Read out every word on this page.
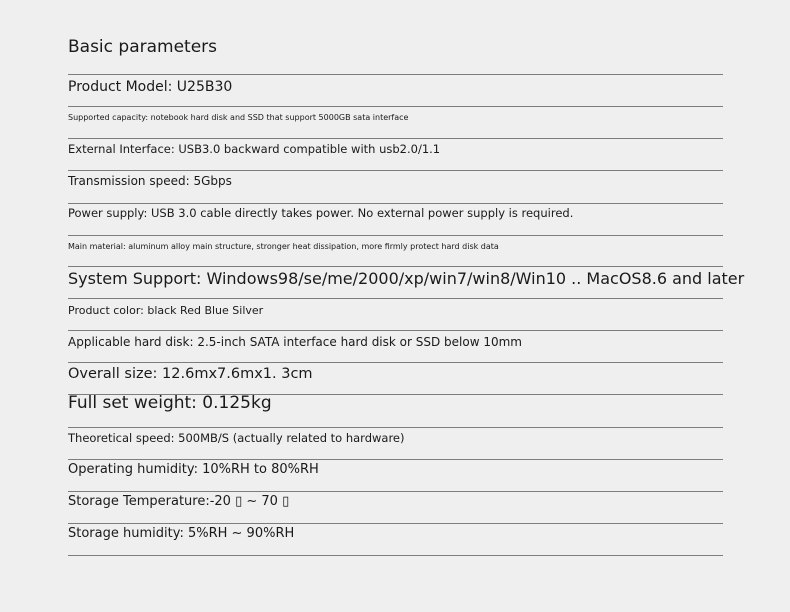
Basic parameters
Product Model: U25B30
Supported capacity: notebook hard disk and SSD that support 5000GB sata interface
External Interface: USB3.0 backward compatible with usb2.0/1.1
Transmission speed: 5Gbps
Power supply: USB 3.0 cable directly takes power. No external power supply is required.
Main material: aluminum alloy main structure, stronger heat dissipation, more firmly protect hard disk data
System Support: Windows98/se/me/2000/xp/win7/win8/Win10 .. MacOS8.6 and later
Product color: black Red Blue Silver
Applicable hard disk: 2.5-inch SATA interface hard disk or SSD below 10mm
Overall size: 12.6mx7.6mx1. 3cm
Full set weight: 0.125kg
Theoretical speed: 500MB/S (actually related to hardware)
Operating humidity: 10%RH to 80%RH
Storage Temperature:-20 ▯ ~ 70 ▯
Storage humidity: 5%RH ~ 90%RH
